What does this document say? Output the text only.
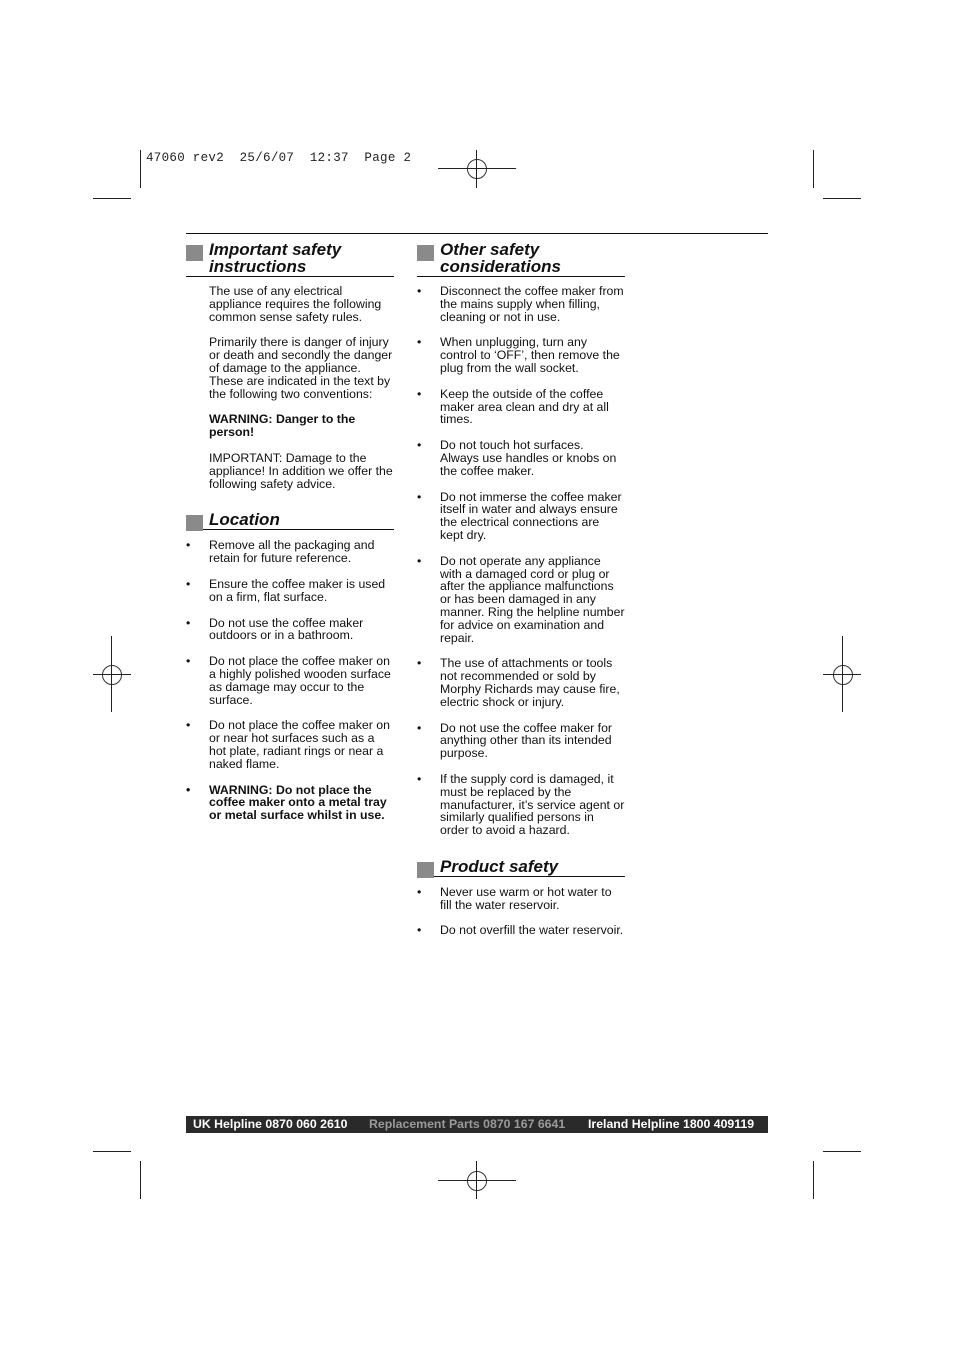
47060 rev2  25/6/07  12:37  Page 2
Important safety
instructions

The use of any electrical appliance requires the following common sense safety rules.

Primarily there is danger of injury or death and secondly the danger of damage to the appliance. These are indicated in the text by the following two conventions:

WARNING: Danger to the person!

IMPORTANT: Damage to the appliance! In addition we offer the following safety advice.

Location
• Remove all the packaging and retain for future reference.
• Ensure the coffee maker is used on a firm, flat surface.
• Do not use the coffee maker outdoors or in a bathroom.
• Do not place the coffee maker on a highly polished wooden surface as damage may occur to the surface.
• Do not place the coffee maker on or near hot surfaces such as a hot plate, radiant rings or near a naked flame.
• WARNING: Do not place the coffee maker onto a metal tray or metal surface whilst in use.
Other safety
considerations
• Disconnect the coffee maker from the mains supply when filling, cleaning or not in use.
• When unplugging, turn any control to ‘OFF’, then remove the plug from the wall socket.
• Keep the outside of the coffee maker area clean and dry at all times.
• Do not touch hot surfaces. Always use handles or knobs on the coffee maker.
• Do not immerse the coffee maker itself in water and always ensure the electrical connections are kept dry.
• Do not operate any appliance with a damaged cord or plug or after the appliance malfunctions or has been damaged in any manner. Ring the helpline number for advice on examination and repair.
• The use of attachments or tools not recommended or sold by Morphy Richards may cause fire, electric shock or injury.
• Do not use the coffee maker for anything other than its intended purpose.
• If the supply cord is damaged, it must be replaced by the manufacturer, it’s service agent or similarly qualified persons in order to avoid a hazard.
Product safety
• Never use warm or hot water to fill the water reservoir.
• Do not overfill the water reservoir.
UK Helpline 0870 060 2610 Replacement Parts 0870 167 6641 Ireland Helpline 1800 409119
